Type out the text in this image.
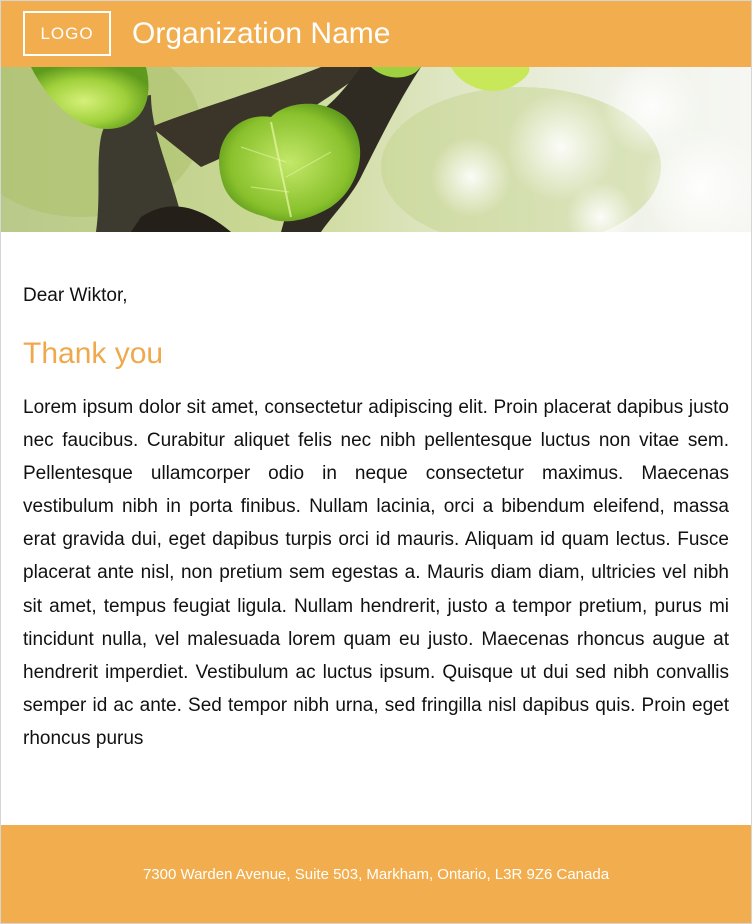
LOGO Organization Name
Dear Wiktor,
Thank you

Lorem ipsum dolor sit amet, consectetur adipiscing elit. Proin placerat dapibus justo nec faucibus. Curabitur aliquet felis nec nibh pellentesque luctus non vitae sem. Pellentesque ullamcorper odio in neque consectetur maximus. Maecenas vestibulum nibh in porta finibus. Nullam lacinia, orci a bibendum eleifend, massa erat gravida dui, eget dapibus turpis orci id mauris. Aliquam id quam lectus. Fusce placerat ante nisl, non pretium sem egestas a. Mauris diam diam, ultricies vel nibh sit amet, tempus feugiat ligula. Nullam hendrerit, justo a tempor pretium, purus mi tincidunt nulla, vel malesuada lorem quam eu justo. Maecenas rhoncus augue at hendrerit imperdiet. Vestibulum ac luctus ipsum. Quisque ut dui sed nibh convallis semper id ac ante. Sed tempor nibh urna, sed fringilla nisl dapibus quis. Proin eget rhoncus purus

7300 Warden Avenue, Suite 503, Markham, Ontario, L3R 9Z6 Canada
